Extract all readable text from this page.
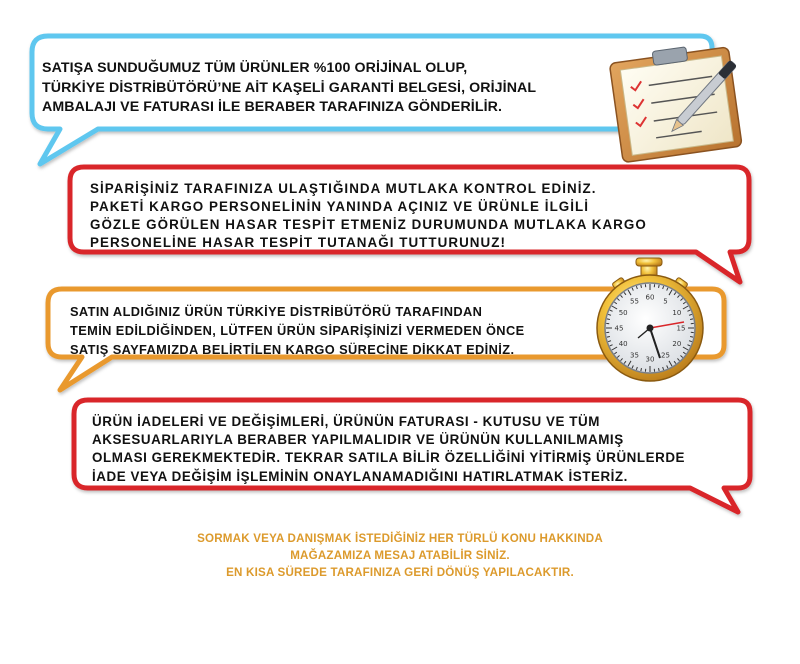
60
5
10
15
20
25
30
35
40
45
50
55
SATIŞA SUNDUĞUMUZ TÜM ÜRÜNLER %100 ORİJİNAL OLUP,
TÜRKİYE DİSTRİBÜTÖRÜ’NE AİT KAŞELİ GARANTİ BELGESİ, ORİJİNAL
AMBALAJI VE FATURASI İLE BERABER TARAFINIZA GÖNDERİLİR.
SİPARİŞİNİZ TARAFINIZA ULAŞTIĞINDA MUTLAKA KONTROL EDİNİZ.
PAKETİ KARGO PERSONELİNİN YANINDA AÇINIZ VE ÜRÜNLE İLGİLİ
GÖZLE GÖRÜLEN HASAR TESPİT ETMENİZ DURUMUNDA MUTLAKA KARGO
PERSONELİNE HASAR TESPİT TUTANAĞI TUTTURUNUZ!
SATIN ALDIĞINIZ ÜRÜN TÜRKİYE DİSTRİBÜTÖRÜ TARAFINDAN
TEMİN EDİLDİĞİNDEN, LÜTFEN ÜRÜN SİPARİŞİNİZİ VERMEDEN ÖNCE
SATIŞ SAYFAMIZDA BELİRTİLEN KARGO SÜRECİNE DİKKAT EDİNİZ.
ÜRÜN İADELERİ VE DEĞİŞİMLERİ, ÜRÜNÜN FATURASI - KUTUSU VE TÜM
AKSESUARLARIYLA BERABER YAPILMALIDIR VE ÜRÜNÜN KULLANILMAMIŞ
OLMASI GEREKMEKTEDİR. TEKRAR SATILA BİLİR ÖZELLİĞİNİ YİTİRMİŞ ÜRÜNLERDE
İADE VEYA DEĞİŞİM İŞLEMİNİN ONAYLANAMADIĞINI HATIRLATMAK İSTERİZ.
SORMAK VEYA DANIŞMAK İSTEDİĞİNİZ HER TÜRLÜ KONU HAKKINDA
MAĞAZAMIZA MESAJ ATABİLİR SİNİZ.
EN KISA SÜREDE TARAFINIZA GERİ DÖNÜŞ YAPILACAKTIR.
